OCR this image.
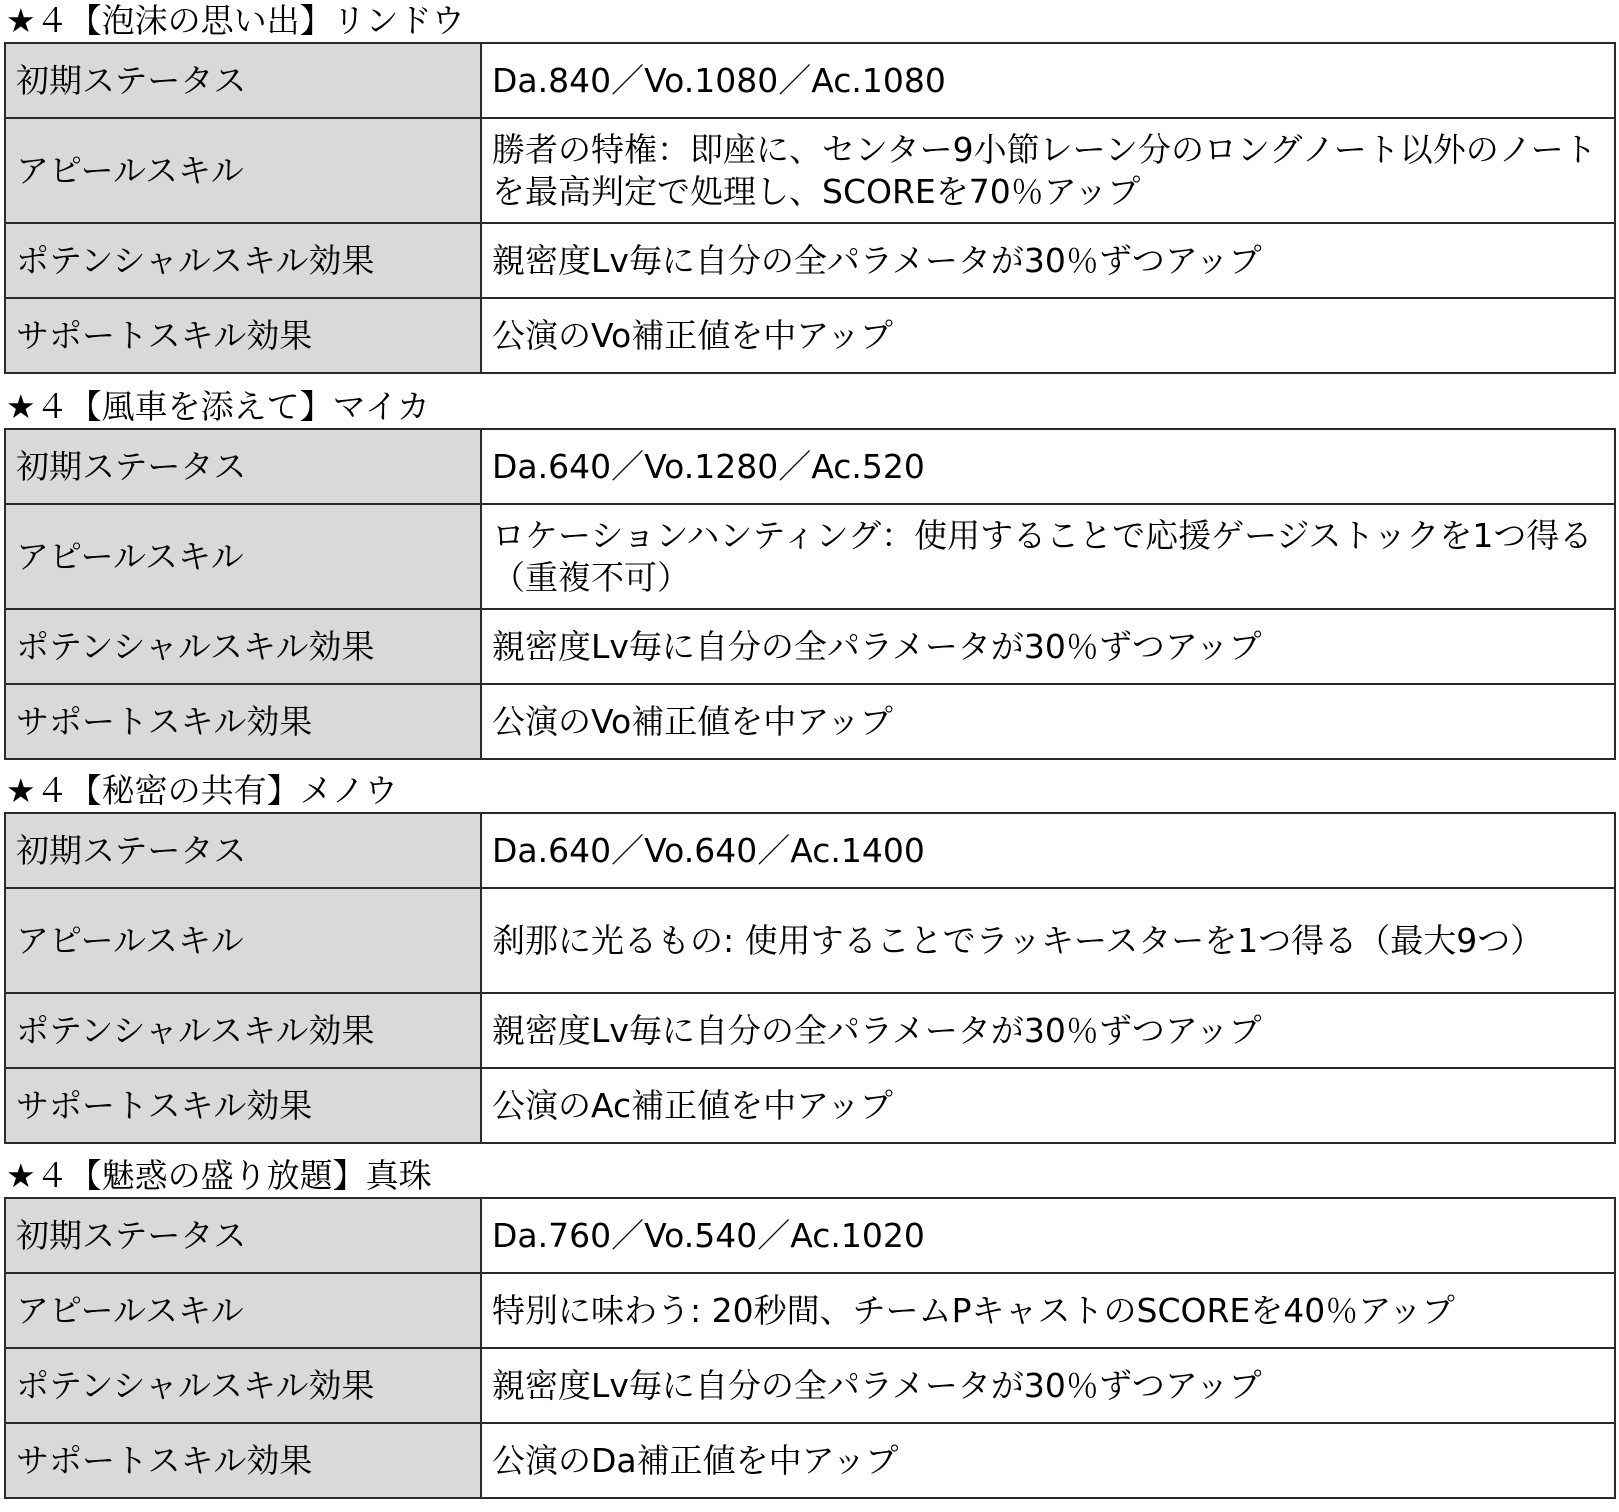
★４【泡沫の思い出】リンドウ
初期ステータス	Da.840／Vo.1080／Ac.1080
アピールスキル	勝者の特権：即座に、センター9小節レーン分のロングノート以外のノートを最高判定で処理し、SCOREを70％アップ
ポテンシャルスキル効果	親密度Lv毎に自分の全パラメータが30％ずつアップ
サポートスキル効果	公演のVo補正値を中アップ
★４【風車を添えて】マイカ
初期ステータス	Da.640／Vo.1280／Ac.520
アピールスキル	ロケーションハンティング：使用することで応援ゲージストックを1つ得る（重複不可）
ポテンシャルスキル効果	親密度Lv毎に自分の全パラメータが30％ずつアップ
サポートスキル効果	公演のVo補正値を中アップ
★４【秘密の共有】メノウ
初期ステータス	Da.640／Vo.640／Ac.1400
アピールスキル	刹那に光るもの: 使用することでラッキースターを1つ得る（最大9つ）
ポテンシャルスキル効果	親密度Lv毎に自分の全パラメータが30％ずつアップ
サポートスキル効果	公演のAc補正値を中アップ
★４【魅惑の盛り放題】真珠
初期ステータス	Da.760／Vo.540／Ac.1020
アピールスキル	特別に味わう: 20秒間、チームPキャストのSCOREを40％アップ
ポテンシャルスキル効果	親密度Lv毎に自分の全パラメータが30％ずつアップ
サポートスキル効果	公演のDa補正値を中アップ
